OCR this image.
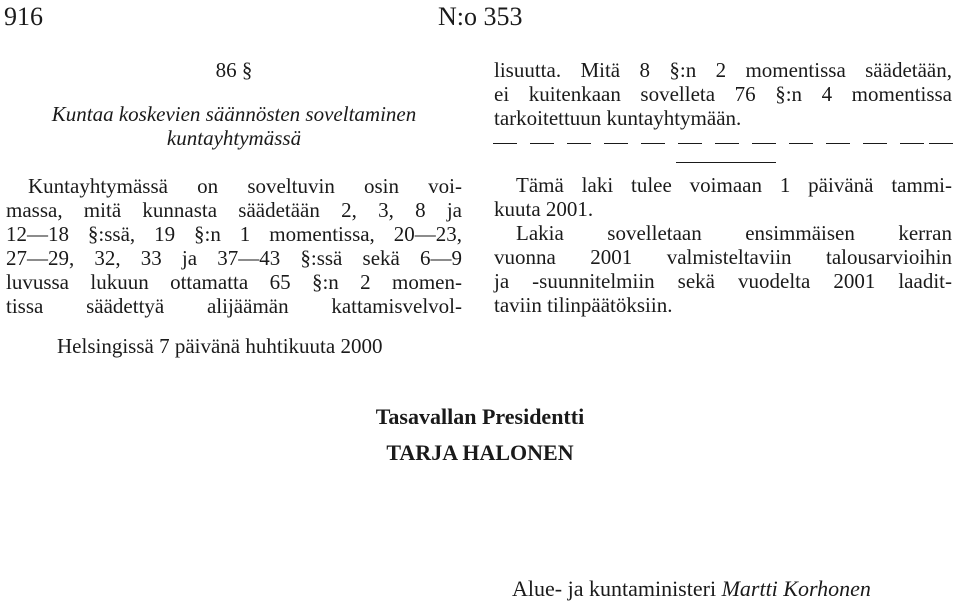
916	N:o 353
86 §
Kuntaa koskevien säännösten soveltaminen
kuntayhtymässä
Kuntayhtymässä on soveltuvin osin voi-
massa, mitä kunnasta säädetään 2, 3, 8 ja
12—18 §:ssä, 19 §:n 1 momentissa, 20—23,
27—29, 32, 33 ja 37—43 §:ssä sekä 6—9
luvussa lukuun ottamatta 65 §:n 2 momen-
tissa säädettyä alijäämän kattamisvelvol-
lisuutta. Mitä 8 §:n 2 momentissa säädetään,
ei kuitenkaan sovelleta 76 §:n 4 momentissa
tarkoitettuun kuntayhtymään.
Tämä laki tulee voimaan 1 päivänä tammi-
kuuta 2001.
Lakia sovelletaan ensimmäisen kerran
vuonna 2001 valmisteltaviin talousarvioihin
ja -suunnitelmiin sekä vuodelta 2001 laadit-
taviin tilinpäätöksiin.
Helsingissä 7 päivänä huhtikuuta 2000
Tasavallan Presidentti
TARJA HALONEN
Alue- ja kuntaministeri Martti Korhonen
